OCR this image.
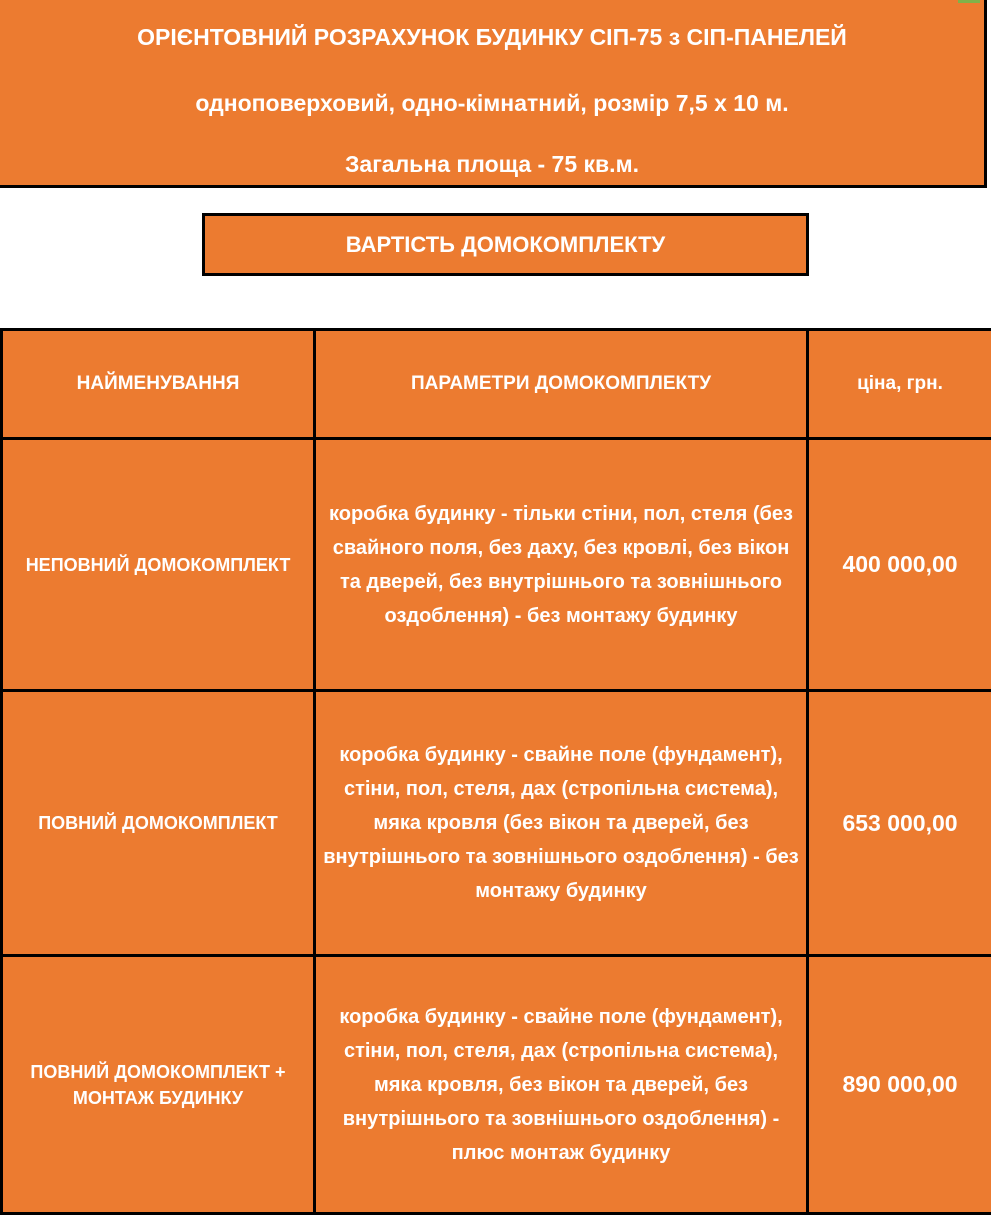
ОРІЄНТОВНИЙ РОЗРАХУНОК БУДИНКУ СІП-75 з СІП-ПАНЕЛЕЙ
одноповерховий, одно-кімнатний, розмір 7,5 х 10 м.
Загальна площа - 75 кв.м.
ВАРТІСТЬ ДОМОКОМПЛЕКТУ
НАЙМЕНУВАННЯ	ПАРАМЕТРИ ДОМОКОМПЛЕКТУ	ціна, грн.
НЕПОВНИЙ ДОМОКОМПЛЕКТ	коробка будинку - тільки стіни, пол, стеля (без свайного поля, без даху, без кровлі, без вікон та дверей, без внутрішнього та зовнішнього оздоблення) - без монтажу будинку	400 000,00
ПОВНИЙ ДОМОКОМПЛЕКТ	коробка будинку - свайне поле (фундамент), стіни, пол, стеля, дах (стропільна система), мяка кровля (без вікон та дверей, без внутрішнього та зовнішнього оздоблення) - без монтажу будинку	653 000,00
ПОВНИЙ ДОМОКОМПЛЕКТ + МОНТАЖ БУДИНКУ	коробка будинку - свайне поле (фундамент), стіни, пол, стеля, дах (стропільна система), мяка кровля, без вікон та дверей, без внутрішнього та зовнішнього оздоблення) - плюс монтаж будинку	890 000,00
